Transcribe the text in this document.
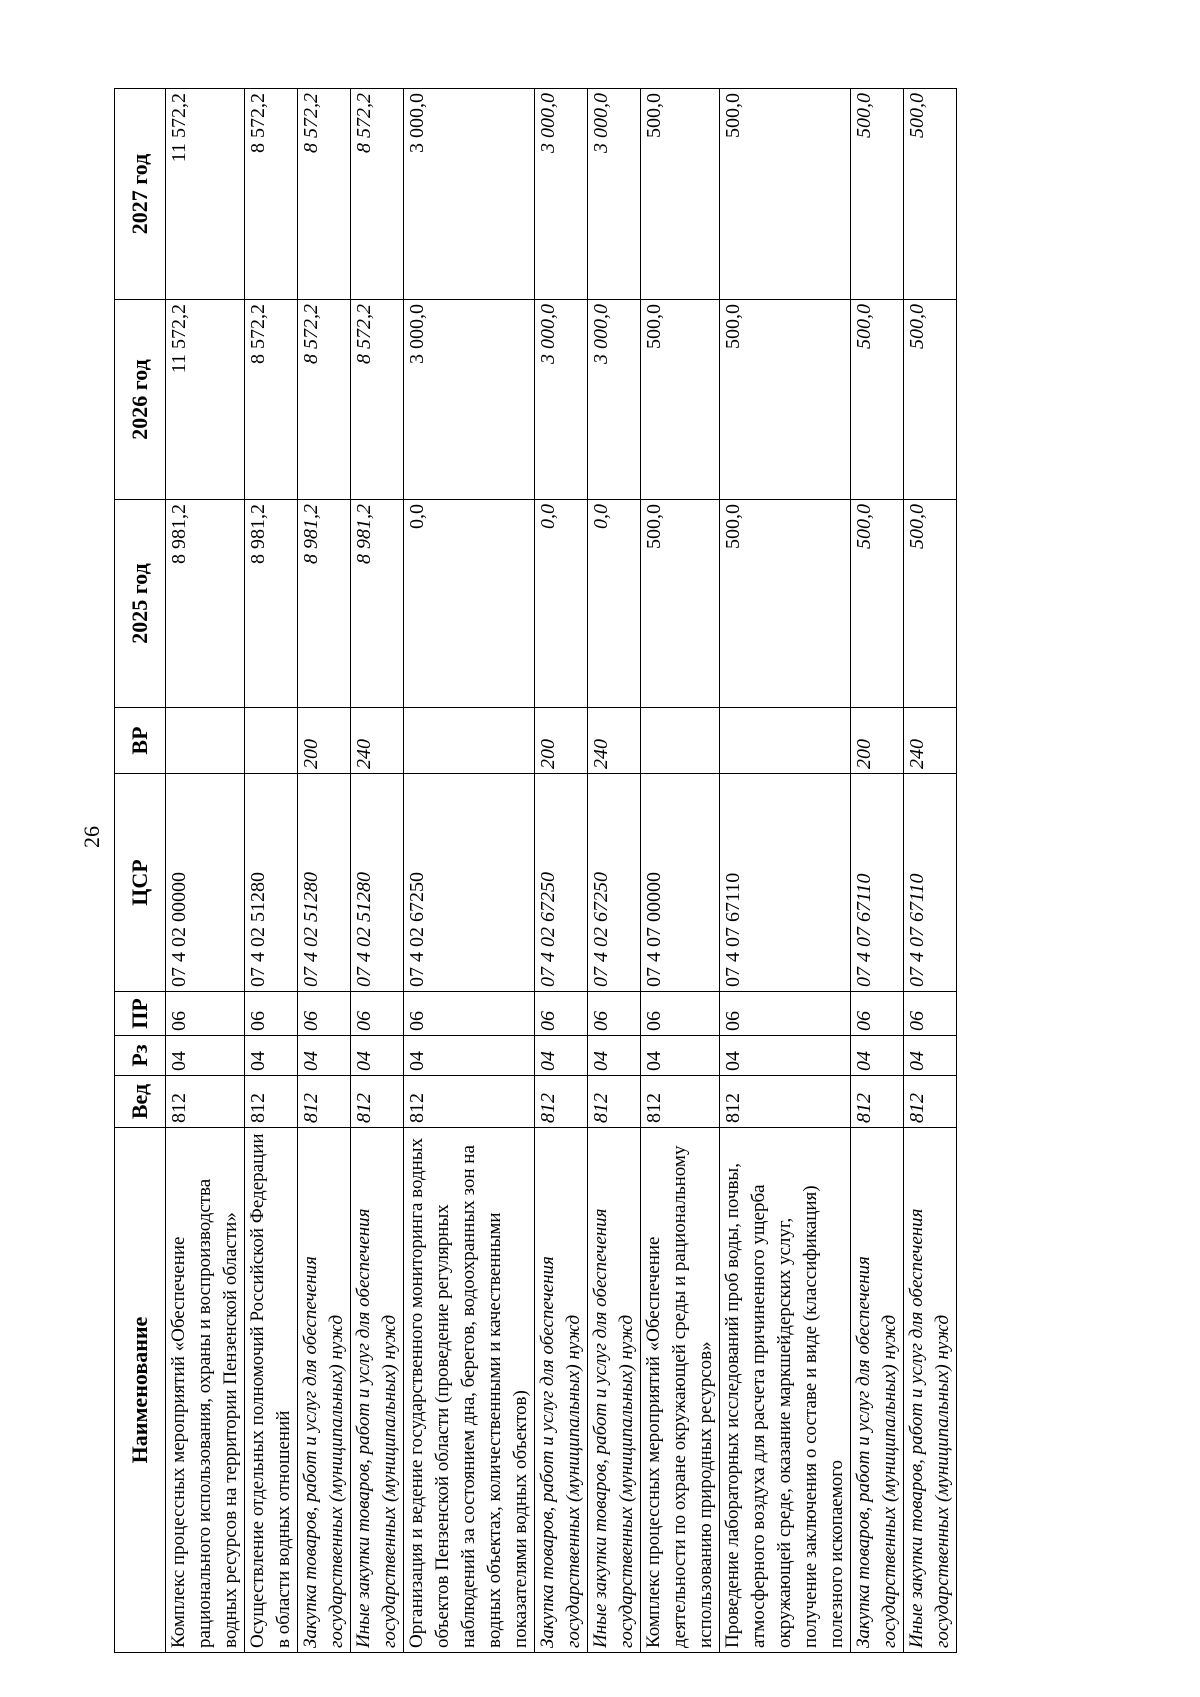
26
Наименование	Вед	Рз	ПР	ЦСР	ВР	2025 год	2026 год	2027 год
Комплекс процессных мероприятий «Обеспечение рационального использования, охраны и воспроизводства водных ресурсов на территории Пензенской области»	812	04	06	07 4 02 00000		8 981,2	11 572,2	11 572,2
Осуществление отдельных полномочий Российской Федерации в области водных отношений	812	04	06	07 4 02 51280		8 981,2	8 572,2	8 572,2
Закупка товаров, работ и услуг для обеспечения государственных (муниципальных) нужд	812	04	06	07 4 02 51280	200	8 981,2	8 572,2	8 572,2
Иные закупки товаров, работ и услуг для обеспечения государственных (муниципальных) нужд	812	04	06	07 4 02 51280	240	8 981,2	8 572,2	8 572,2
Организация и ведение государственного мониторинга водных объектов Пензенской области (проведение регулярных наблюдений за состоянием дна, берегов, водоохранных зон на водных объектах, количественными и качественными показателями водных объектов)	812	04	06	07 4 02 67250		0,0	3 000,0	3 000,0
Закупка товаров, работ и услуг для обеспечения государственных (муниципальных) нужд	812	04	06	07 4 02 67250	200	0,0	3 000,0	3 000,0
Иные закупки товаров, работ и услуг для обеспечения государственных (муниципальных) нужд	812	04	06	07 4 02 67250	240	0,0	3 000,0	3 000,0
Комплекс процессных мероприятий «Обеспечение деятельности по охране окружающей среды и рациональному использованию природных ресурсов»	812	04	06	07 4 07 00000		500,0	500,0	500,0
Проведение лабораторных исследований проб воды, почвы, атмосферного воздуха для расчета причиненного ущерба окружающей среде, оказание маркшейдерских услуг, получение заключения о составе и виде (классификация) полезного ископаемого	812	04	06	07 4 07 67110		500,0	500,0	500,0
Закупка товаров, работ и услуг для обеспечения государственных (муниципальных) нужд	812	04	06	07 4 07 67110	200	500,0	500,0	500,0
Иные закупки товаров, работ и услуг для обеспечения государственных (муниципальных) нужд	812	04	06	07 4 07 67110	240	500,0	500,0	500,0
